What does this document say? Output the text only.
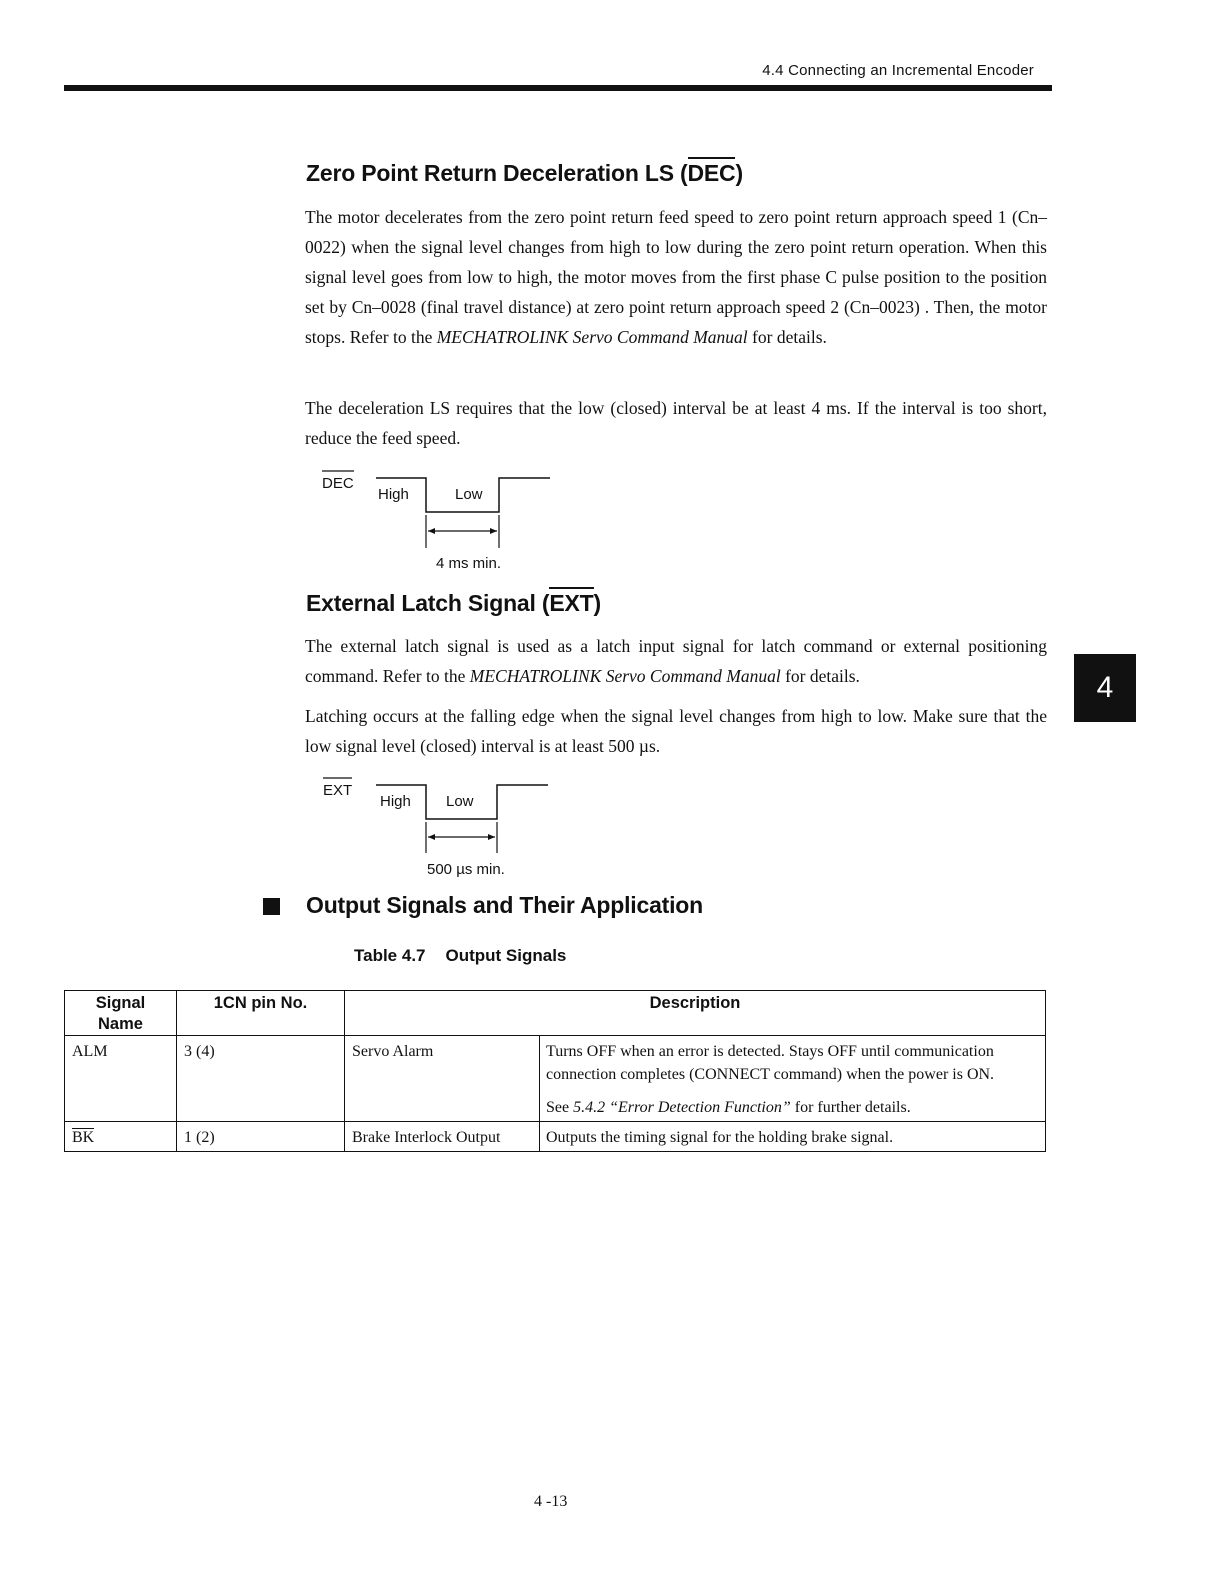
4.4 Connecting an Incremental Encoder
Zero Point Return Deceleration LS (DEC)

The motor decelerates from the zero point return feed speed to zero point return approach speed 1 (Cn–0022) when the signal level changes from high to low during the zero point return operation. When this signal level goes from low to high, the motor moves from the first phase C pulse position to the position set by Cn–0028 (final travel distance) at zero point return approach speed 2 (Cn–0023) . Then, the motor stops. Refer to the MECHATROLINK Servo Command Manual for details.

The deceleration LS requires that the low (closed) interval be at least 4 ms. If the interval is too short, reduce the feed speed.

DEC
High	Low
4 ms min.
External Latch Signal (EXT)

The external latch signal is used as a latch input signal for latch command or external positioning command. Refer to the MECHATROLINK Servo Command Manual for details.

Latching occurs at the falling edge when the signal level changes from high to low. Make sure that the low signal level (closed) interval is at least 500 µs.

EXT
High Low
500 µs min.
4
Output Signals and Their Application
Table 4.7 Output Signals
Signal Name	1CN pin No.	Description	
ALM	3 (4)	Servo Alarm	Turns OFF when an error is detected. Stays OFF until communication connection completes (CONNECT command) when the power is ON.

See 5.4.2 “Error Detection Function” for further details.

BK	1 (2)	Brake Interlock Output	Outputs the timing signal for the holding brake signal.
4 -13
